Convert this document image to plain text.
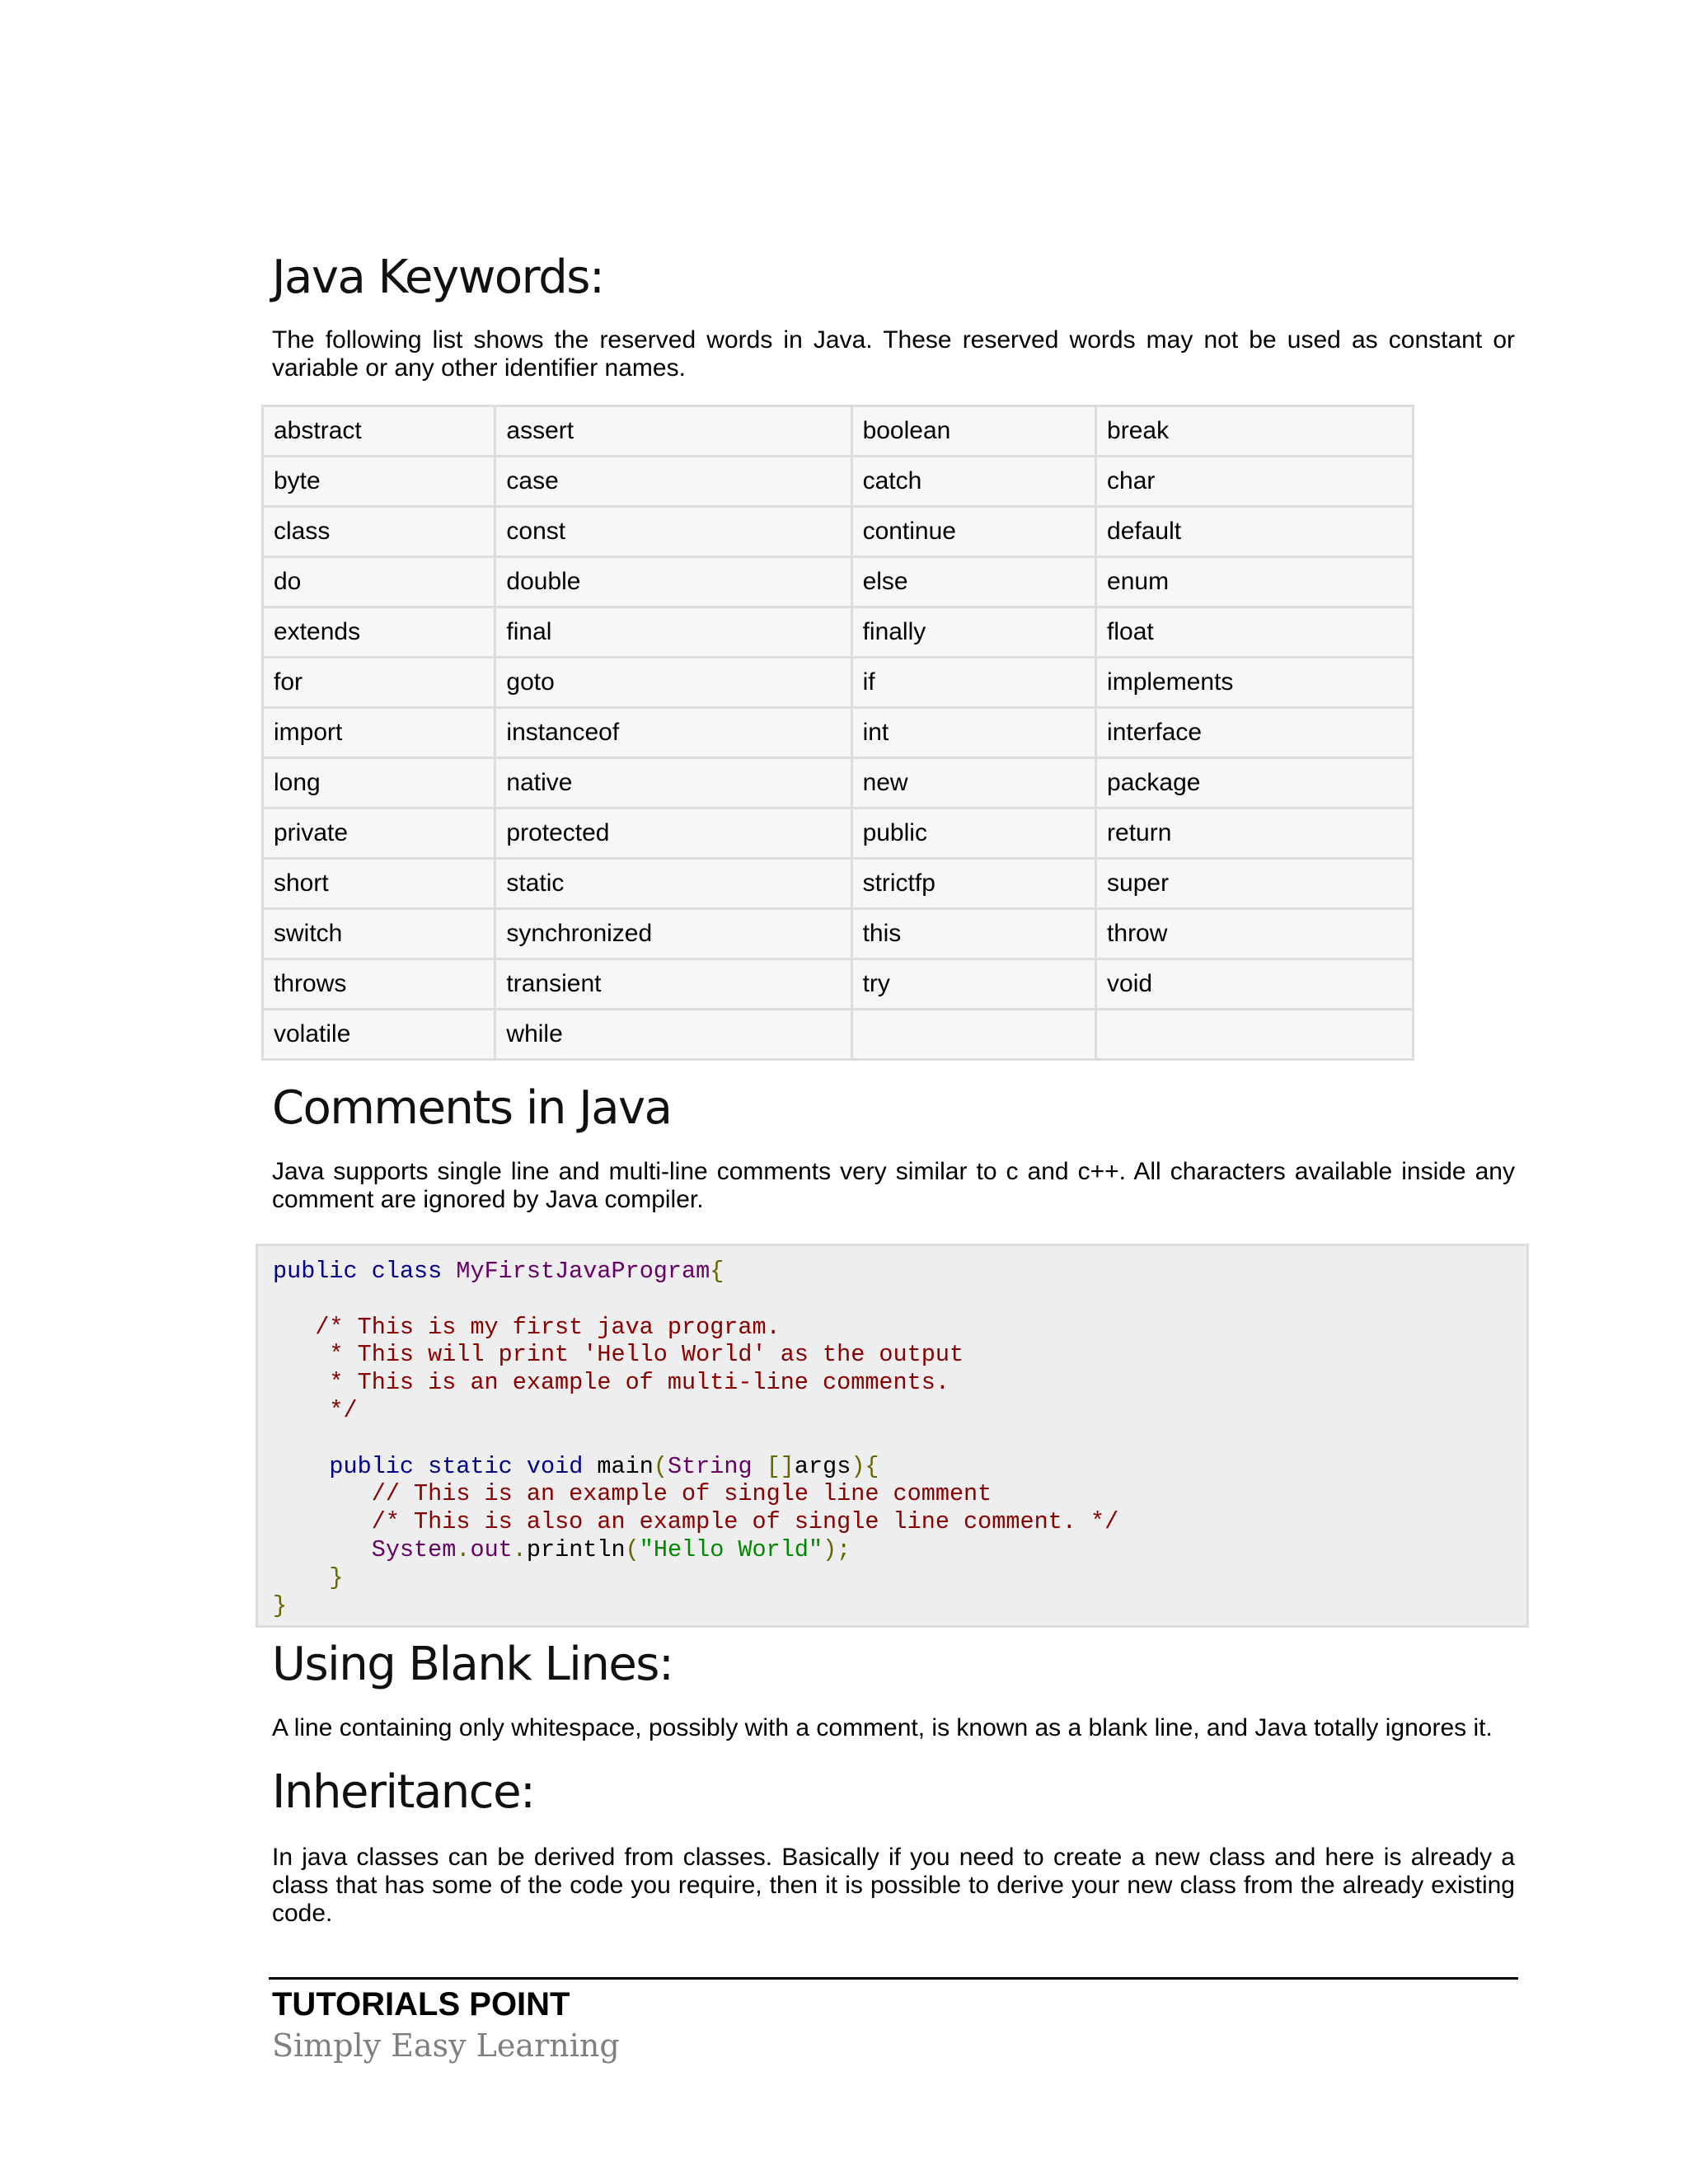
Java Keywords:

The following list shows the reserved words in Java. These reserved words may not be used as constant or variable or any other identifier names.

abstract	assert	boolean	break
byte	case	catch	char
class	const	continue	default
do	double	else	enum
extends	final	finally	float
for	goto	if	implements
import	instanceof	int	interface
long	native	new	package
private	protected	public	return
short	static	strictfp	super
switch	synchronized	this	throw
throws	transient	try	void
volatile	while		
Comments in Java

Java supports single line and multi-line comments very similar to c and c++. All characters available inside any comment are ignored by Java compiler.

public class MyFirstJavaProgram{

/* This is my first java program.
* This will print 'Hello World' as the output
* This is an example of multi-line comments.
*/

public static void main(String []args){
// This is an example of single line comment
/* This is also an example of single line comment. */
System.out.println("Hello World");
}
}
Using Blank Lines:

A line containing only whitespace, possibly with a comment, is known as a blank line, and Java totally ignores it.

Inheritance:

In java classes can be derived from classes. Basically if you need to create a new class and here is already a class that has some of the code you require, then it is possible to derive your new class from the already existing code.

TUTORIALS POINT
Simply Easy Learning
